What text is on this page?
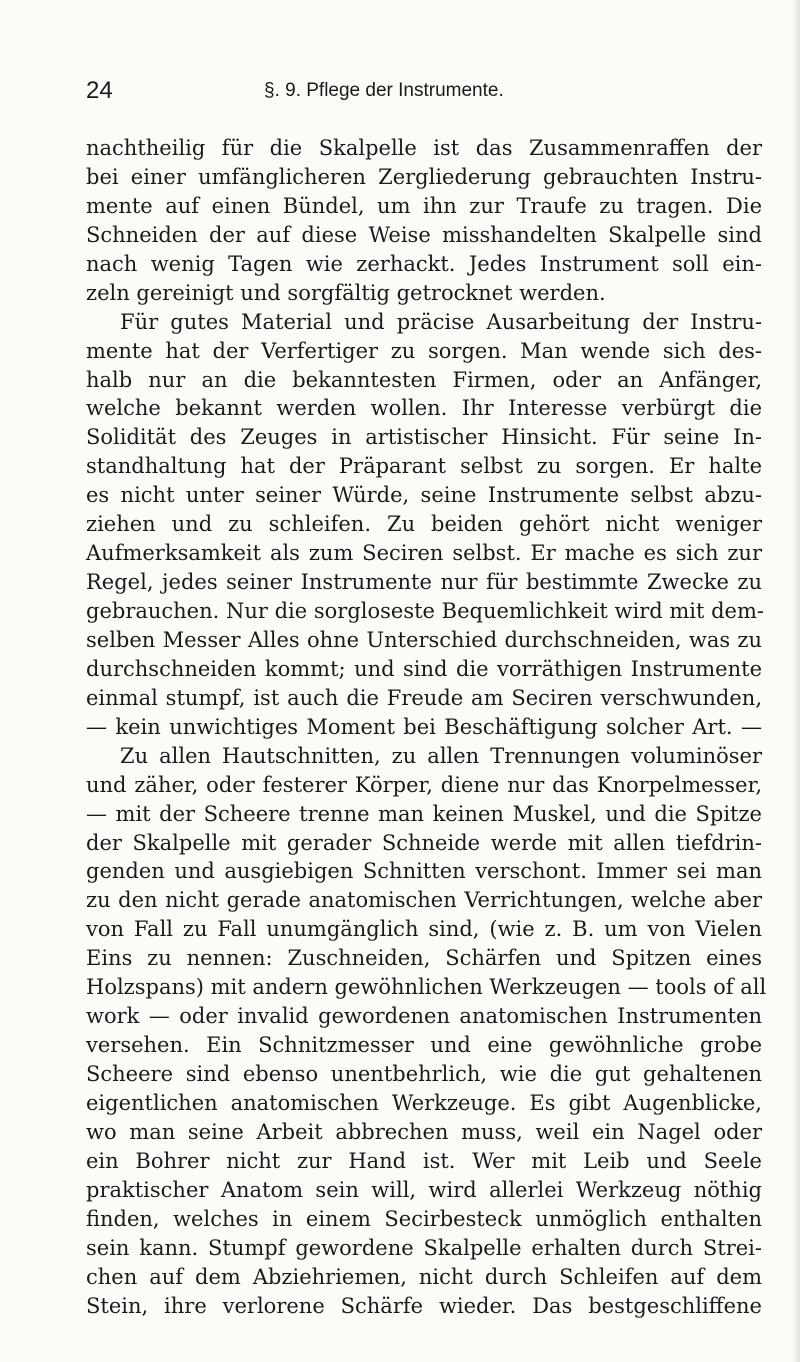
24	§. 9. Pflege der Instrumente.
nachtheilig für die Skalpelle ist das Zusammenraffen der
bei einer umfänglicheren Zergliederung gebrauchten Instru-
mente auf einen Bündel, um ihn zur Traufe zu tragen. Die
Schneiden der auf diese Weise misshandelten Skalpelle sind
nach wenig Tagen wie zerhackt. Jedes Instrument soll ein-
zeln gereinigt und sorgfältig getrocknet werden.
Für gutes Material und präcise Ausarbeitung der Instru-
mente hat der Verfertiger zu sorgen. Man wende sich des-
halb nur an die bekanntesten Firmen, oder an Anfänger,
welche bekannt werden wollen. Ihr Interesse verbürgt die
Solidität des Zeuges in artistischer Hinsicht. Für seine In-
standhaltung hat der Präparant selbst zu sorgen. Er halte
es nicht unter seiner Würde, seine Instrumente selbst abzu-
ziehen und zu schleifen. Zu beiden gehört nicht weniger
Aufmerksamkeit als zum Seciren selbst. Er mache es sich zur
Regel, jedes seiner Instrumente nur für bestimmte Zwecke zu
gebrauchen. Nur die sorgloseste Bequemlichkeit wird mit dem-
selben Messer Alles ohne Unterschied durchschneiden, was zu
durchschneiden kommt; und sind die vorräthigen Instrumente
einmal stumpf, ist auch die Freude am Seciren verschwunden,
— kein unwichtiges Moment bei Beschäftigung solcher Art. —
Zu allen Hautschnitten, zu allen Trennungen voluminöser
und zäher, oder festerer Körper, diene nur das Knorpelmesser,
— mit der Scheere trenne man keinen Muskel, und die Spitze
der Skalpelle mit gerader Schneide werde mit allen tiefdrin-
genden und ausgiebigen Schnitten verschont. Immer sei man
zu den nicht gerade anatomischen Verrichtungen, welche aber
von Fall zu Fall unumgänglich sind, (wie z. B. um von Vielen
Eins zu nennen: Zuschneiden, Schärfen und Spitzen eines
Holzspans) mit andern gewöhnlichen Werkzeugen — tools of all
work — oder invalid gewordenen anatomischen Instrumenten
versehen. Ein Schnitzmesser und eine gewöhnliche grobe
Scheere sind ebenso unentbehrlich, wie die gut gehaltenen
eigentlichen anatomischen Werkzeuge. Es gibt Augenblicke,
wo man seine Arbeit abbrechen muss, weil ein Nagel oder
ein Bohrer nicht zur Hand ist. Wer mit Leib und Seele
praktischer Anatom sein will, wird allerlei Werkzeug nöthig
finden, welches in einem Secirbesteck unmöglich enthalten
sein kann. Stumpf gewordene Skalpelle erhalten durch Strei-
chen auf dem Abziehriemen, nicht durch Schleifen auf dem
Stein, ihre verlorene Schärfe wieder. Das bestgeschliffene
